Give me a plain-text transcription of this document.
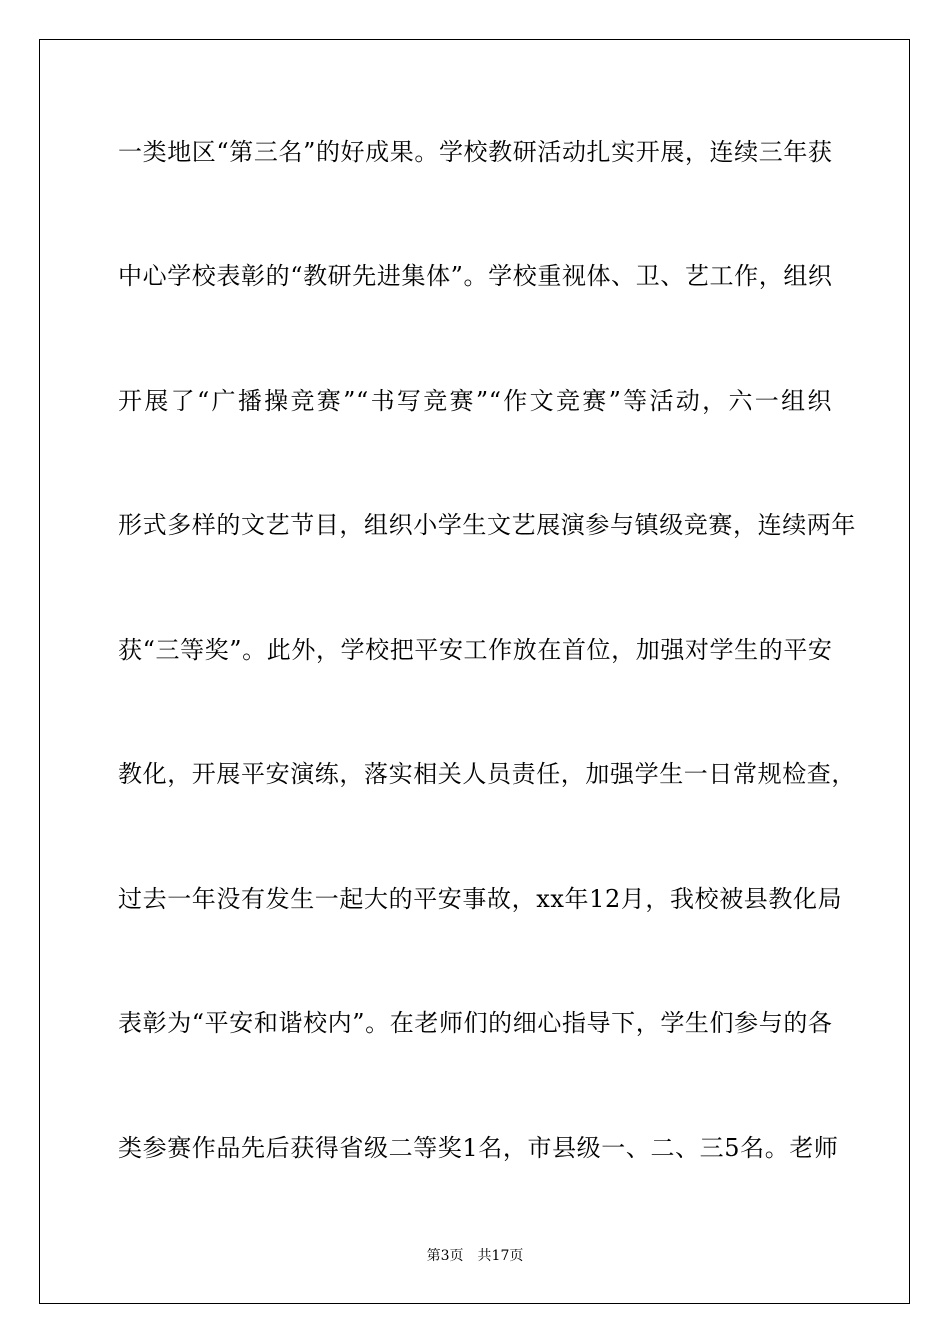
一类地区“第三名”的好成果。学校教研活动扎实开展，连续三年获
中心学校表彰的“教研先进集体”。学校重视体、卫、艺工作，组织
开展了“广播操竞赛”“书写竞赛”“作文竞赛”等活动，六一组织
形式多样的文艺节目，组织小学生文艺展演参与镇级竞赛，连续两年
获“三等奖”。此外，学校把平安工作放在首位，加强对学生的平安
教化，开展平安演练，落实相关人员责任，加强学生一日常规检查，
过去一年没有发生一起大的平安事故，xx年12月，我校被县教化局
表彰为“平安和谐校内”。在老师们的细心指导下，学生们参与的各
类参赛作品先后获得省级二等奖1名，市县级一、二、三5名。老师
第3页 共17页
